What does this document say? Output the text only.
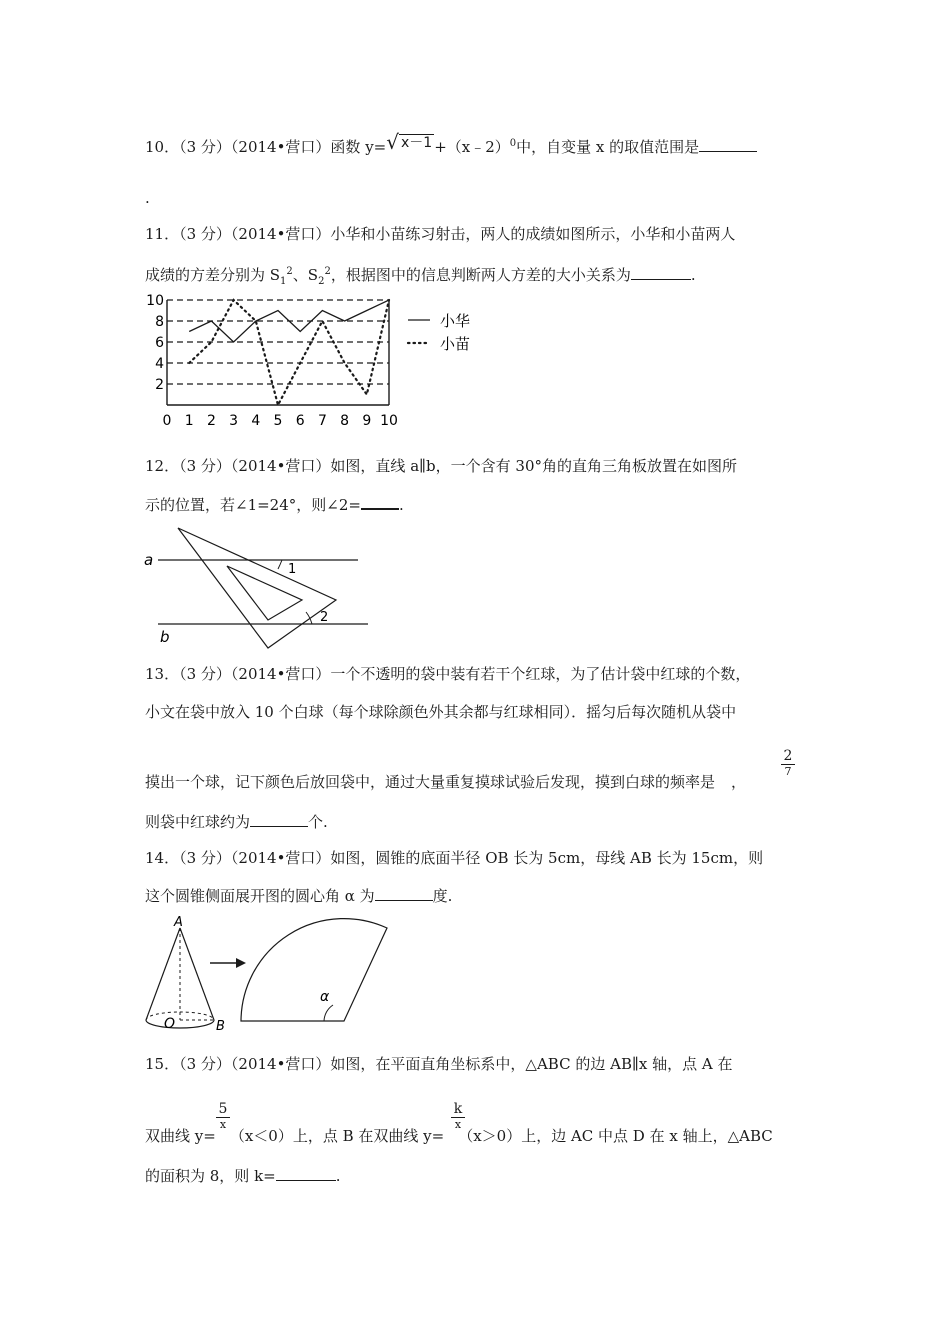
10．（3 分）（2014•营口）函数 y=√ x－1 +（x﹣2）$^0$中，自变量 x 的取值范围是
.
11．（3 分）（2014•营口）小华和小苗练习射击，两人的成绩如图所示，小华和小苗两人
成绩的方差分别为 $S_1^2$、$S_2^2$，根据图中的信息判断两人方差的大小关系为	.
2
4
6
8
10
0 1 2 3 4 5 6 7 8 9 10
小华
小苗
12．（3 分）（2014•营口）如图，直线 a∥b，一个含有 30°角的直角三角板放置在如图所
示的位置，若∠1=24°，则∠2=	.
a
b
1
2
13．（3 分）（2014•营口）一个不透明的袋中装有若干个红球，为了估计袋中红球的个数，
小文在袋中放入 10 个白球（每个球除颜色外其余都与红球相同）．摇匀后每次随机从袋中
摸出一个球，记下颜色后放回袋中，通过大量重复摸球试验后发现，摸到白球的频率是 ，
2
7
则袋中红球约为	个.
14．（3 分）（2014•营口）如图，圆锥的底面半径 OB 长为 5cm，母线 AB 长为 15cm，则
这个圆锥侧面展开图的圆心角 α 为	度.
A
O	B
α
15．（3 分）（2014•营口）如图，在平面直角坐标系中，△ABC 的边 AB∥x 轴，点 A 在
双曲线 y= （x＜0）上，点 B 在双曲线 y= （x＞0）上，边 AC 中点 D 在 x 轴上，△ABC
5
x
k
x
的面积为 8，则 k=	.
